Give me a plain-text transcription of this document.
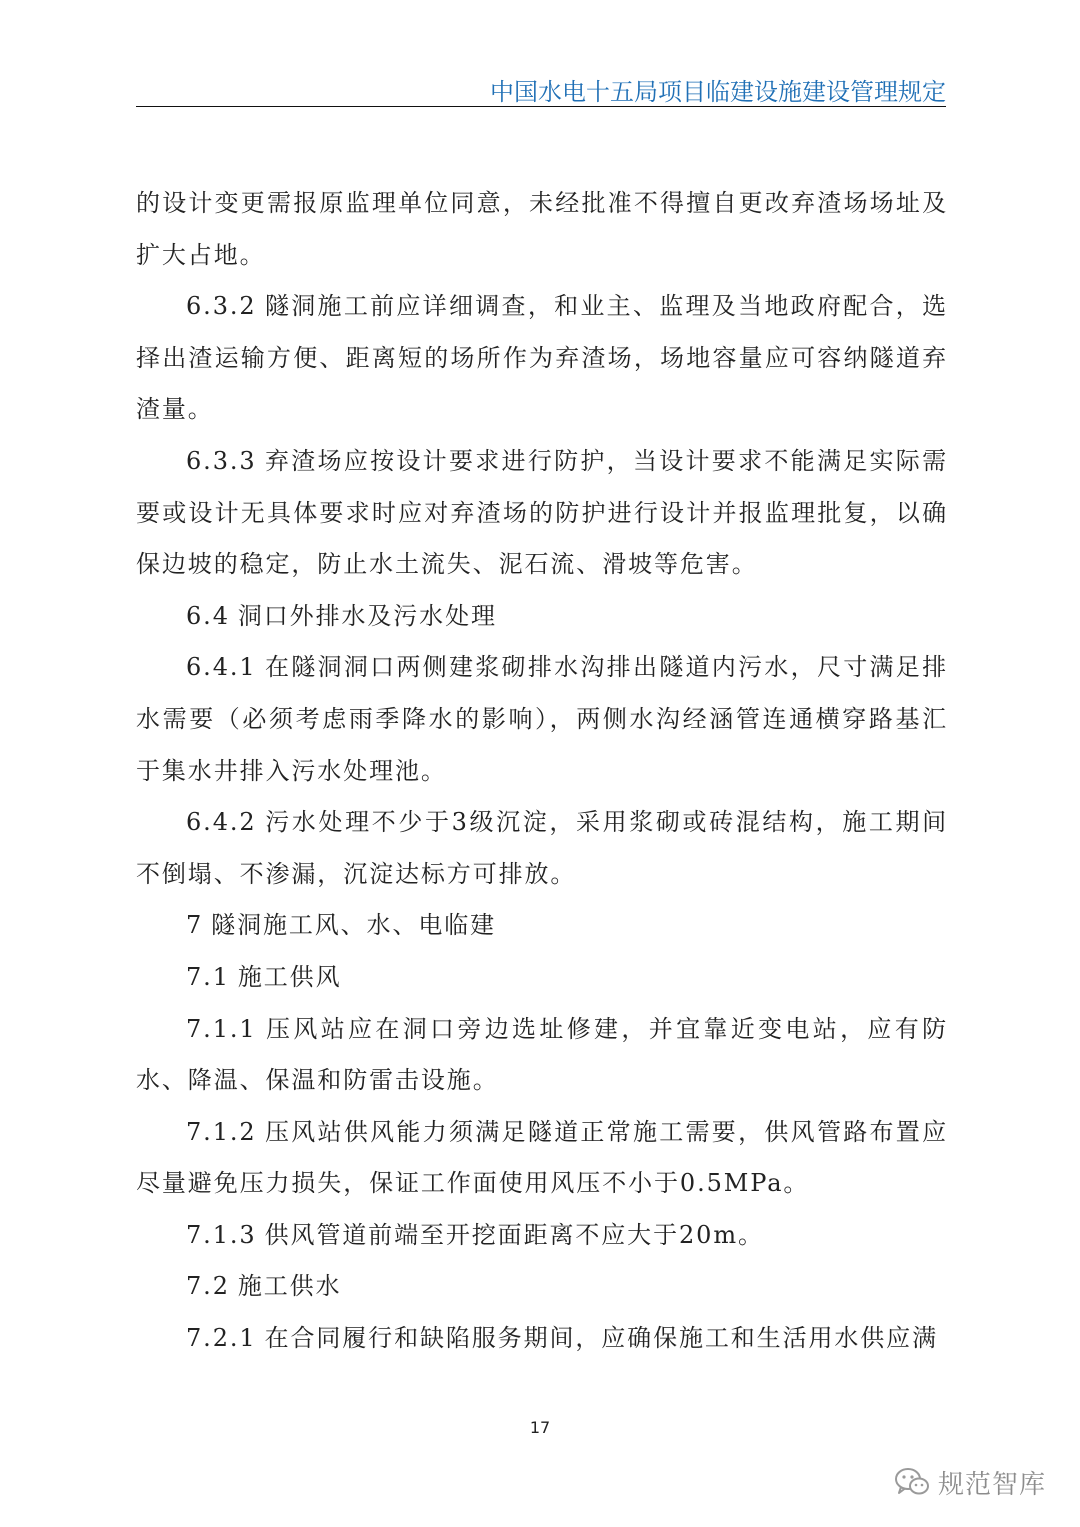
中国水电十五局项目临建设施建设管理规定

的设计变更需报原监理单位同意，未经批准不得擅自更改弃渣场场址及扩大占地。

6.3.2 隧洞施工前应详细调查，和业主、监理及当地政府配合，选择出渣运输方便、距离短的场所作为弃渣场，场地容量应可容纳隧道弃渣量。

6.3.3 弃渣场应按设计要求进行防护，当设计要求不能满足实际需要或设计无具体要求时应对弃渣场的防护进行设计并报监理批复，以确保边坡的稳定，防止水土流失、泥石流、滑坡等危害。

6.4 洞口外排水及污水处理

6.4.1 在隧洞洞口两侧建浆砌排水沟排出隧道内污水，尺寸满足排水需要（必须考虑雨季降水的影响），两侧水沟经涵管连通横穿路基汇于集水井排入污水处理池。

6.4.2 污水处理不少于3级沉淀，采用浆砌或砖混结构，施工期间不倒塌、不渗漏，沉淀达标方可排放。

7 隧洞施工风、水、电临建

7.1 施工供风

7.1.1 压风站应在洞口旁边选址修建，并宜靠近变电站，应有防水、降温、保温和防雷击设施。

7.1.2 压风站供风能力须满足隧道正常施工需要，供风管路布置应尽量避免压力损失，保证工作面使用风压不小于0.5MPa。

7.1.3 供风管道前端至开挖面距离不应大于20m。

7.2 施工供水

7.2.1 在合同履行和缺陷服务期间，应确保施工和生活用水供应满

17
规范智库
